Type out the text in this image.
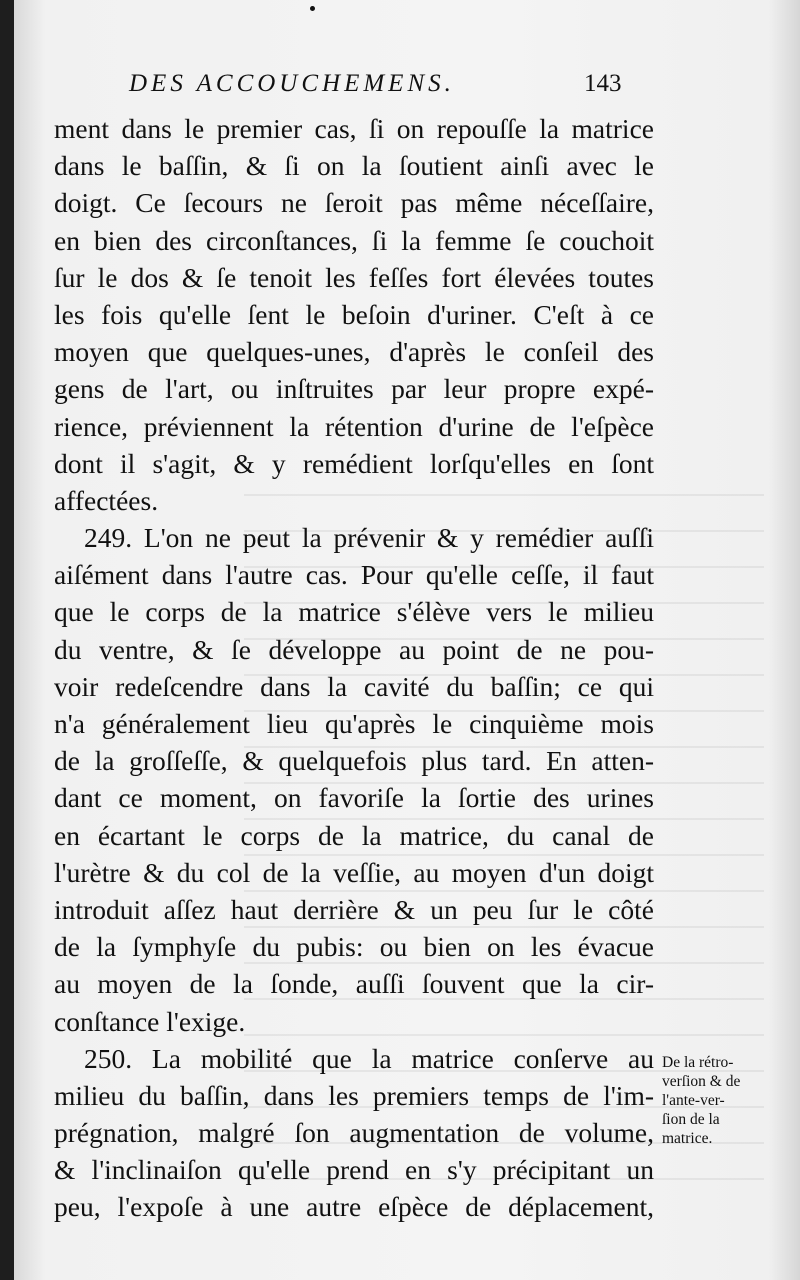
DES ACCOUCHEMENS.	143
ment dans le premier cas, ſi on repouſſe la matrice
dans le baſſin, & ſi on la ſoutient ainſi avec le
doigt. Ce ſecours ne ſeroit pas même néceſſaire,
en bien des circonſtances, ſi la femme ſe couchoit
ſur le dos & ſe tenoit les feſſes fort élevées toutes
les fois qu'elle ſent le beſoin d'uriner. C'eſt à ce
moyen que quelques-unes, d'après le conſeil des
gens de l'art, ou inſtruites par leur propre expé-
rience, préviennent la rétention d'urine de l'eſpèce
dont il s'agit, & y remédient lorſqu'elles en ſont
affectées.
249. L'on ne peut la prévenir & y remédier auſſi
aiſément dans l'autre cas. Pour qu'elle ceſſe, il faut
que le corps de la matrice s'élève vers le milieu
du ventre, & ſe développe au point de ne pou-
voir redeſcendre dans la cavité du baſſin; ce qui
n'a généralement lieu qu'après le cinquième mois
de la groſſeſſe, & quelquefois plus tard. En atten-
dant ce moment, on favoriſe la ſortie des urines
en écartant le corps de la matrice, du canal de
l'urètre & du col de la veſſie, au moyen d'un doigt
introduit aſſez haut derrière & un peu ſur le côté
de la ſymphyſe du pubis: ou bien on les évacue
au moyen de la ſonde, auſſi ſouvent que la cir-
conſtance l'exige.
250. La mobilité que la matrice conſerve au
milieu du baſſin, dans les premiers temps de l'im-
prégnation, malgré ſon augmentation de volume,
& l'inclinaiſon qu'elle prend en s'y précipitant un
peu, l'expoſe à une autre eſpèce de déplacement,
De la rétro-
verſion & de
l'ante-ver-
ſion de la
matrice.
